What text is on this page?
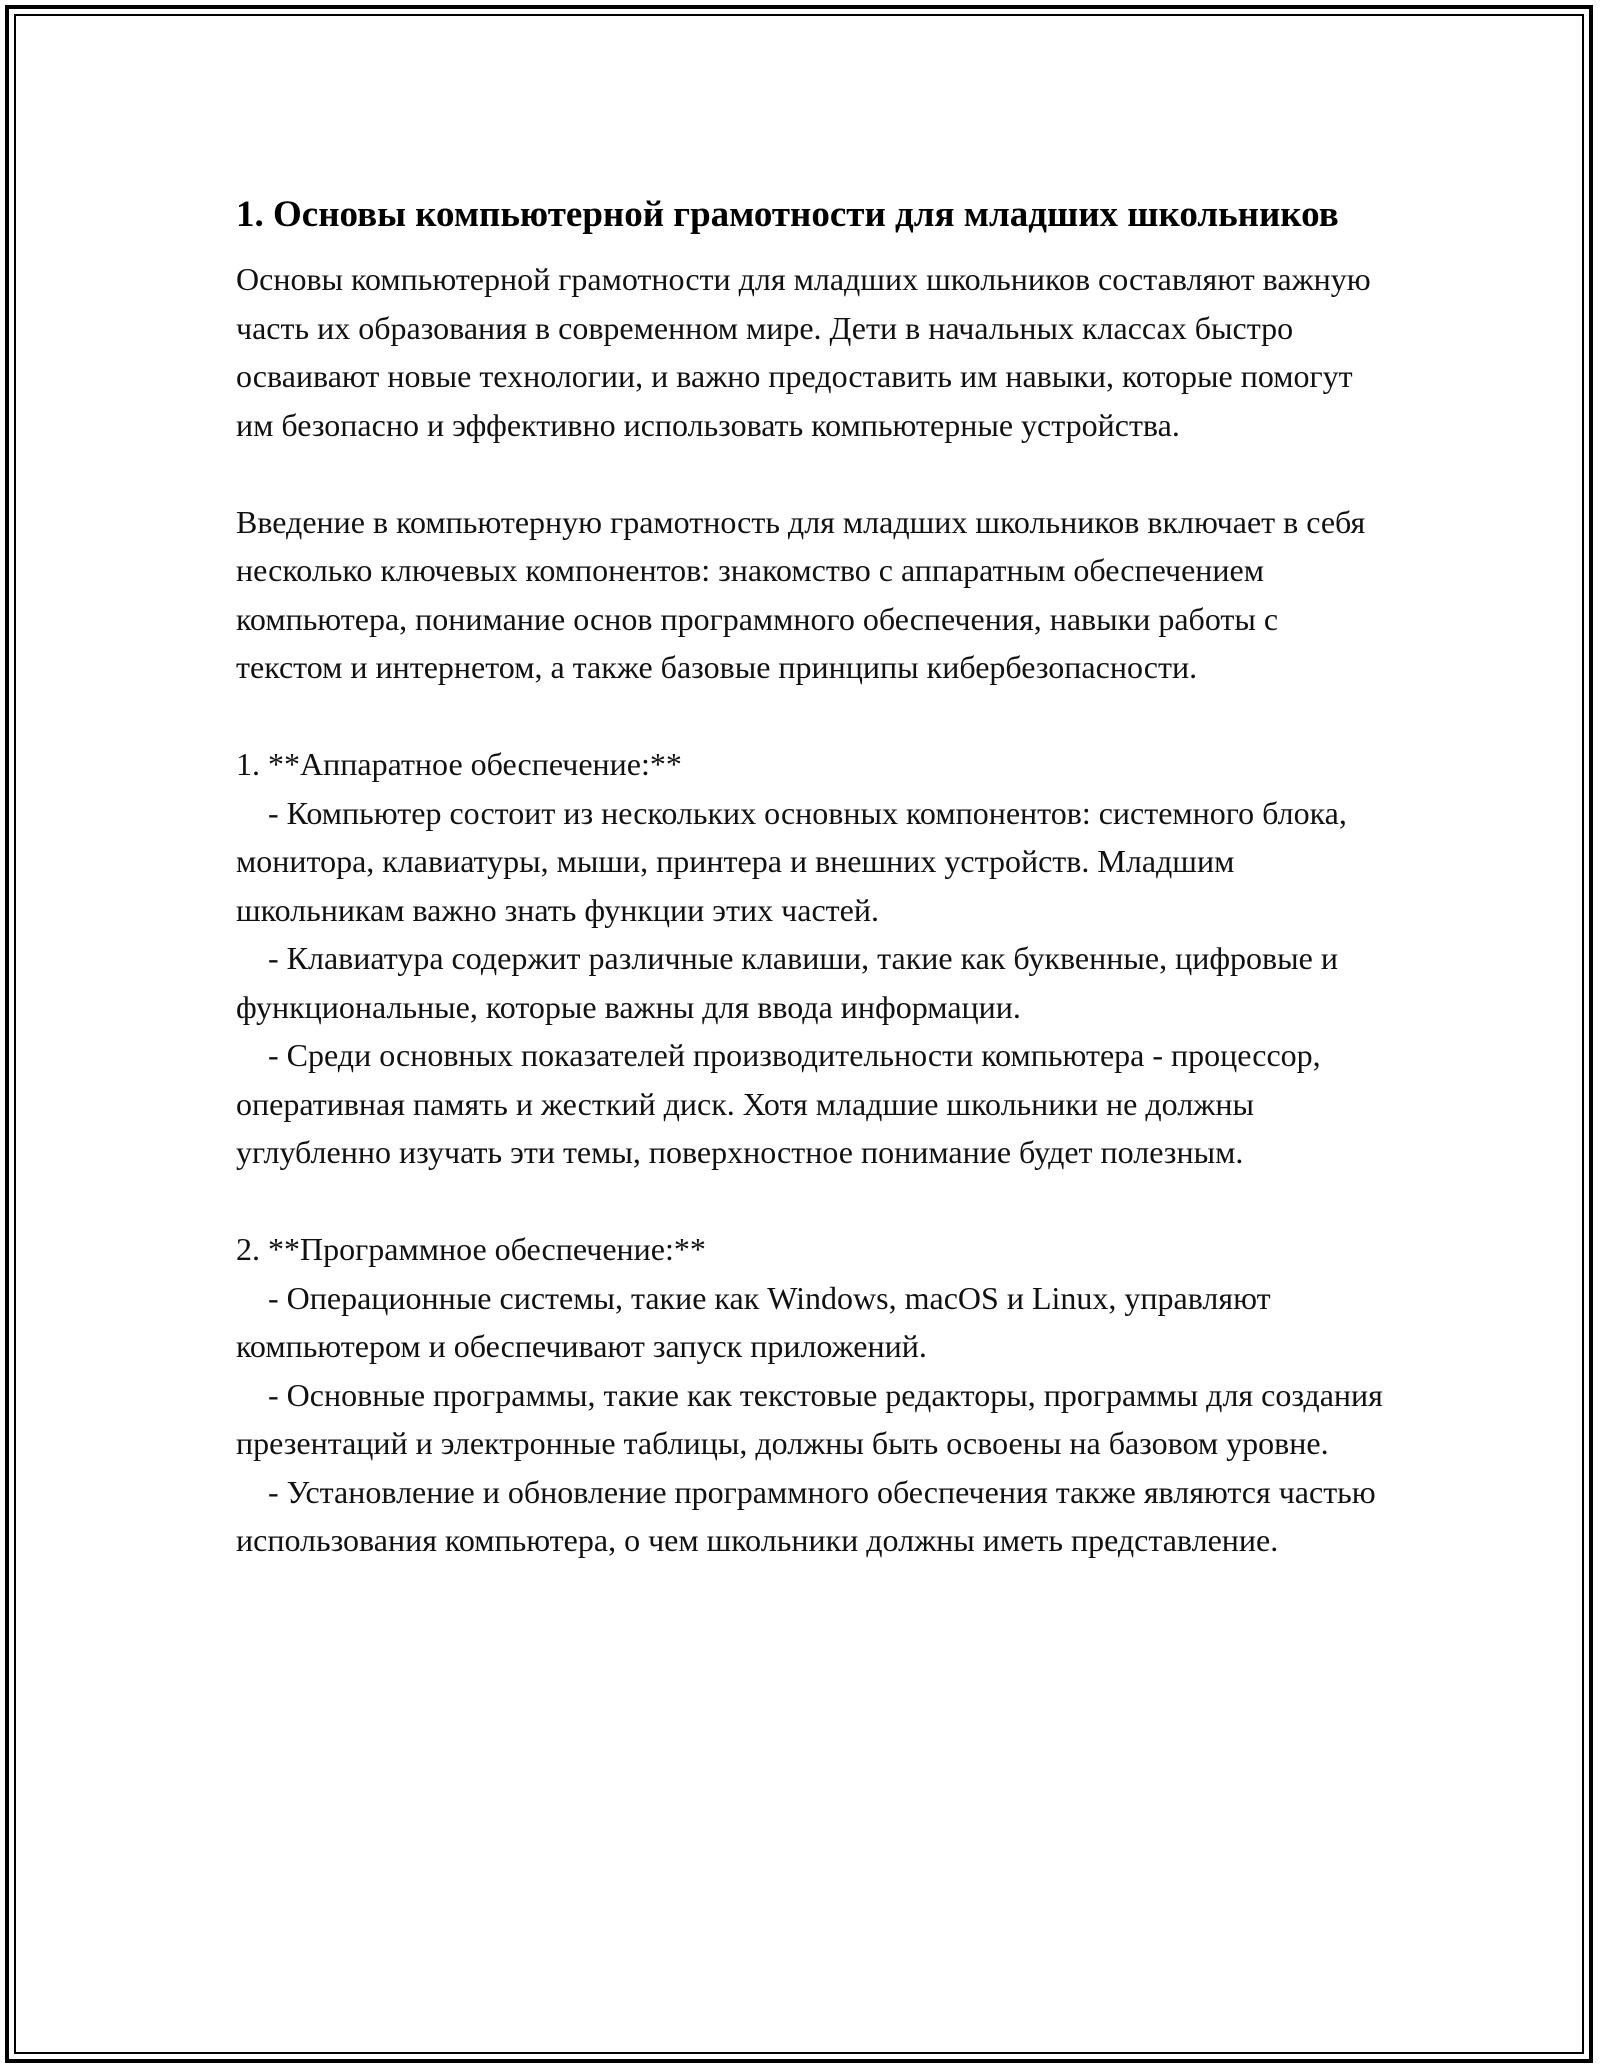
1. Основы компьютерной грамотности для младших школьников

Основы компьютерной грамотности для младших школьников составляют важную часть их образования в современном мире. Дети в начальных классах быстро осваивают новые технологии, и важно предоставить им навыки, которые помогут им безопасно и эффективно использовать компьютерные устройства.

Введение в компьютерную грамотность для младших школьников включает в себя несколько ключевых компонентов: знакомство с аппаратным обеспечением компьютера, понимание основ программного обеспечения, навыки работы с текстом и интернетом, а также базовые принципы кибербезопасности.

1. **Аппаратное обеспечение:**

- Компьютер состоит из нескольких основных компонентов: системного блока, монитора, клавиатуры, мыши, принтера и внешних устройств. Младшим школьникам важно знать функции этих частей.

- Клавиатура содержит различные клавиши, такие как буквенные, цифровые и функциональные, которые важны для ввода информации.

- Среди основных показателей производительности компьютера - процессор, оперативная память и жесткий диск. Хотя младшие школьники не должны углубленно изучать эти темы, поверхностное понимание будет полезным.

2. **Программное обеспечение:**

- Операционные системы, такие как Windows, macOS и Linux, управляют компьютером и обеспечивают запуск приложений.

- Основные программы, такие как текстовые редакторы, программы для создания презентаций и электронные таблицы, должны быть освоены на базовом уровне.

- Установление и обновление программного обеспечения также являются частью использования компьютера, о чем школьники должны иметь представление.
